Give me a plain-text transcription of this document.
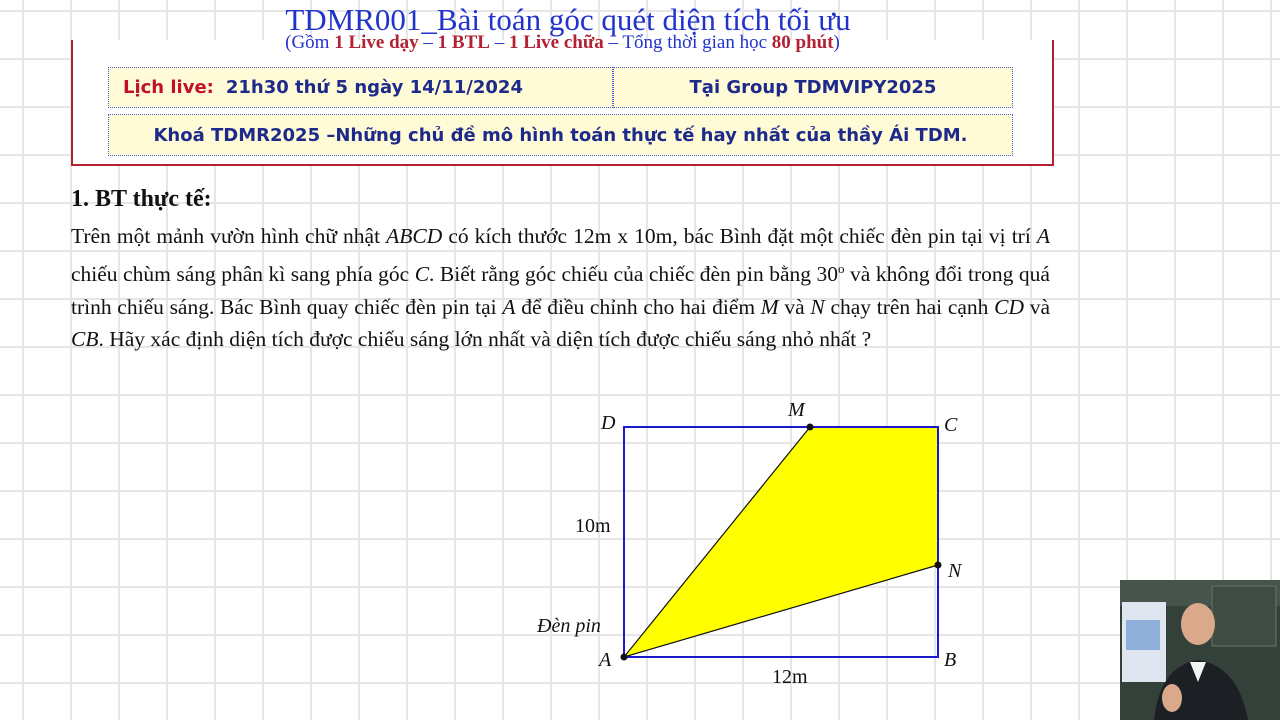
TDMR001_Bài toán góc quét diện tích tối ưu
(Gồm 1 Live dạy – 1 BTL – 1 Live chữa – Tổng thời gian học 80 phút)
Lịch live: 21h30 thứ 5 ngày 14/11/2024	Tại Group TDMVIPY2025
Khoá TDMR2025 –Những chủ đề mô hình toán thực tế hay nhất của thầy Ái TDM.
1. BT thực tế:
Trên một mảnh vườn hình chữ nhật ABCD có kích thước 12m x 10m, bác Bình đặt một chiếc đèn pin tại vị trí A chiếu chùm sáng phân kì sang phía góc C. Biết rằng góc chiếu của chiếc đèn pin bằng 30$^o$ và không đổi trong quá trình chiếu sáng. Bác Bình quay chiếc đèn pin tại A để điều chỉnh cho hai điểm M và N chạy trên hai cạnh CD và CB. Hãy xác định diện tích được chiếu sáng lớn nhất và diện tích được chiếu sáng nhỏ nhất ?
D
M
C
N
B
A
10m
12m
Đèn pin
